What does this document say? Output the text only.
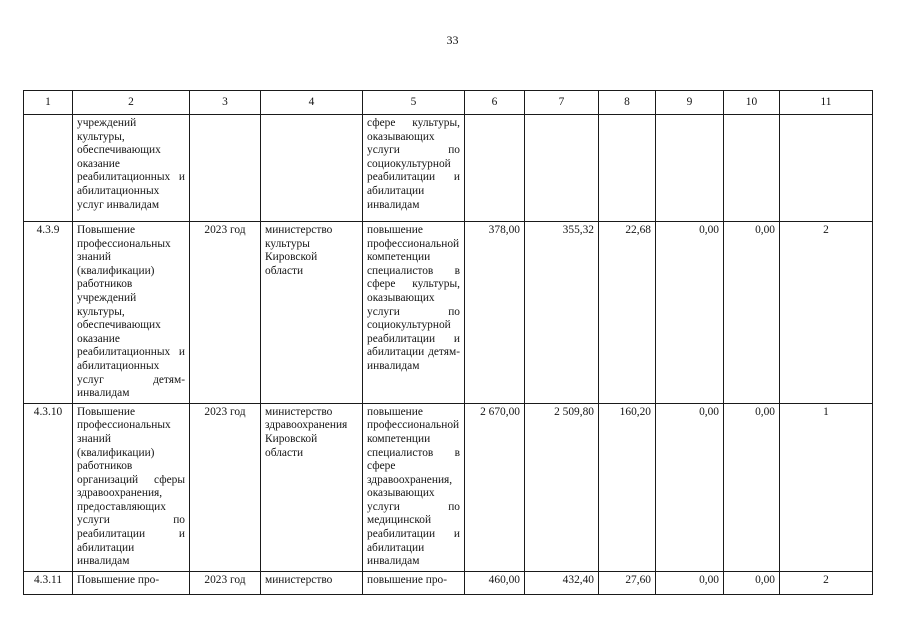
33
1	2	3	4	5	6	7	8	9	10	11
	учреждений культуры, обеспечивающих оказание реабилитационных и абилитационных услуг инвалидам			сфере культуры, оказывающих услуги по социокультурной реабилитации и абилитации инвалидам						
4.3.9	Повышение профессиональных знаний (квалификации) работников учреждений культуры, обеспечивающих оказание реабилитационных и абилитационных услуг детям-инвалидам	2023 год	министерство культуры Кировской области	повышение профессиональной компетенции специалистов в сфере культуры, оказывающих услуги по социокультурной реабилитации и абилитации детям-инвалидам	378,00	355,32	22,68	0,00	0,00	2
4.3.10	Повышение профессиональных знаний (квалификации) работников организаций сферы здравоохранения, предоставляющих услуги по реабилитации и абилитации инвалидам	2023 год	министерство здравоохранения Кировской области	повышение профессиональной компетенции специалистов в сфере здравоохранения, оказывающих услуги по медицинской реабилитации и абилитации инвалидам	2 670,00	2 509,80	160,20	0,00	0,00	1
4.3.11	Повышение про-	2023 год	министерство	повышение про-	460,00	432,40	27,60	0,00	0,00	2
